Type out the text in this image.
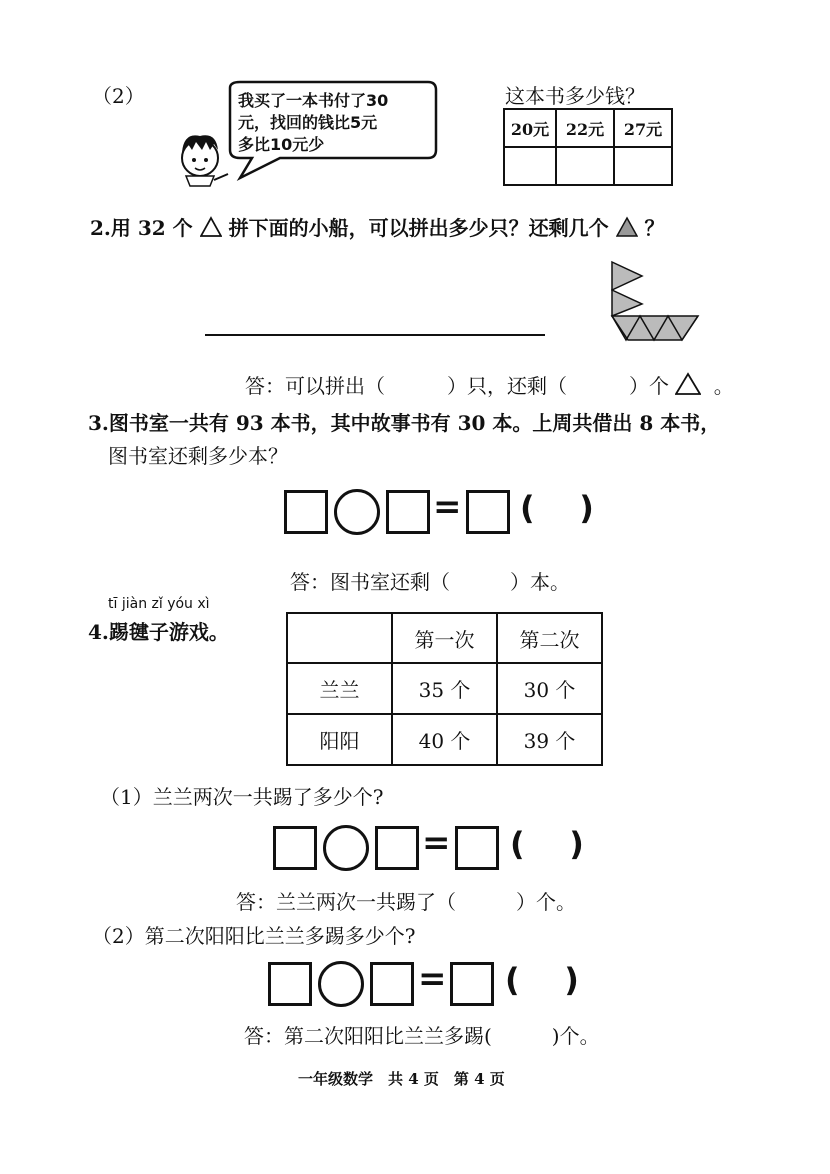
（2）	我买了一本书付了30
元，找回的钱比5元
多比10元少
这本书多少钱？
20元	22元	27元

2.用 32 个 拼下面的小船，可以拼出多少只？还剩几个 ？
答：可以拼出（	）只，还剩（	）个 。
3.图书室一共有 93 本书，其中故事书有 30 本。上周共借出 8 本书，
图书室还剩多少本？
= (    )
答：图书室还剩（　　　）本。
tī jiàn zǐ yóu xì
4.踢毽子游戏。
		第一次	第二次
兰兰	35 个	30 个
阳阳	40 个	39 个
（1）兰兰两次一共踢了多少个?
= (    )
答：兰兰两次一共踢了（　　　）个。
（2）第二次阳阳比兰兰多踢多少个?
= (    )
答：第二次阳阳比兰兰多踢(　　　)个。
一年级数学　共 4 页　第 4 页
